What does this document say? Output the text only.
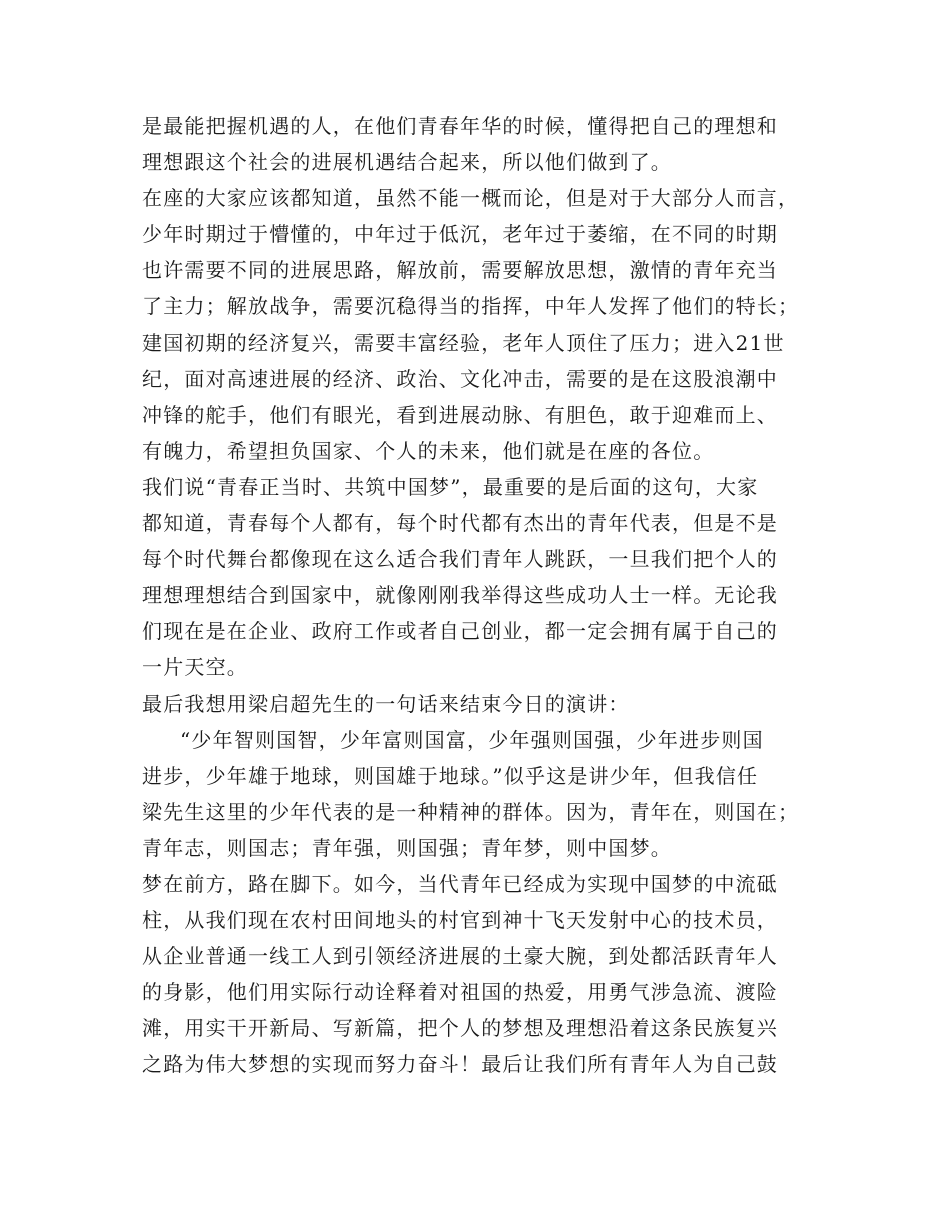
是最能把握机遇的人，在他们青春年华的时候，懂得把自己的理想和
理想跟这个社会的进展机遇结合起来，所以他们做到了。
在座的大家应该都知道，虽然不能一概而论，但是对于大部分人而言，
少年时期过于懵懂的，中年过于低沉，老年过于萎缩，在不同的时期
也许需要不同的进展思路，解放前，需要解放思想，激情的青年充当
了主力；解放战争，需要沉稳得当的指挥，中年人发挥了他们的特长；
建国初期的经济复兴，需要丰富经验，老年人顶住了压力；进入21世
纪，面对高速进展的经济、政治、文化冲击，需要的是在这股浪潮中
冲锋的舵手，他们有眼光，看到进展动脉、有胆色，敢于迎难而上、
有魄力，希望担负国家、个人的未来，他们就是在座的各位。
我们说“青春正当时、共筑中国梦”，最重要的是后面的这句，大家
都知道，青春每个人都有，每个时代都有杰出的青年代表，但是不是
每个时代舞台都像现在这么适合我们青年人跳跃，一旦我们把个人的
理想理想结合到国家中，就像刚刚我举得这些成功人士一样。无论我
们现在是在企业、政府工作或者自己创业，都一定会拥有属于自己的
一片天空。
最后我想用梁启超先生的一句话来结束今日的演讲：
“少年智则国智，少年富则国富，少年强则国强，少年进步则国
进步，少年雄于地球，则国雄于地球。”似乎这是讲少年，但我信任
梁先生这里的少年代表的是一种精神的群体。因为，青年在，则国在；
青年志，则国志；青年强，则国强；青年梦，则中国梦。
梦在前方，路在脚下。如今，当代青年已经成为实现中国梦的中流砥
柱，从我们现在农村田间地头的村官到神十飞天发射中心的技术员，
从企业普通一线工人到引领经济进展的土豪大腕，到处都活跃青年人
的身影，他们用实际行动诠释着对祖国的热爱，用勇气涉急流、渡险
滩，用实干开新局、写新篇，把个人的梦想及理想沿着这条民族复兴
之路为伟大梦想的实现而努力奋斗！最后让我们所有青年人为自己鼓
